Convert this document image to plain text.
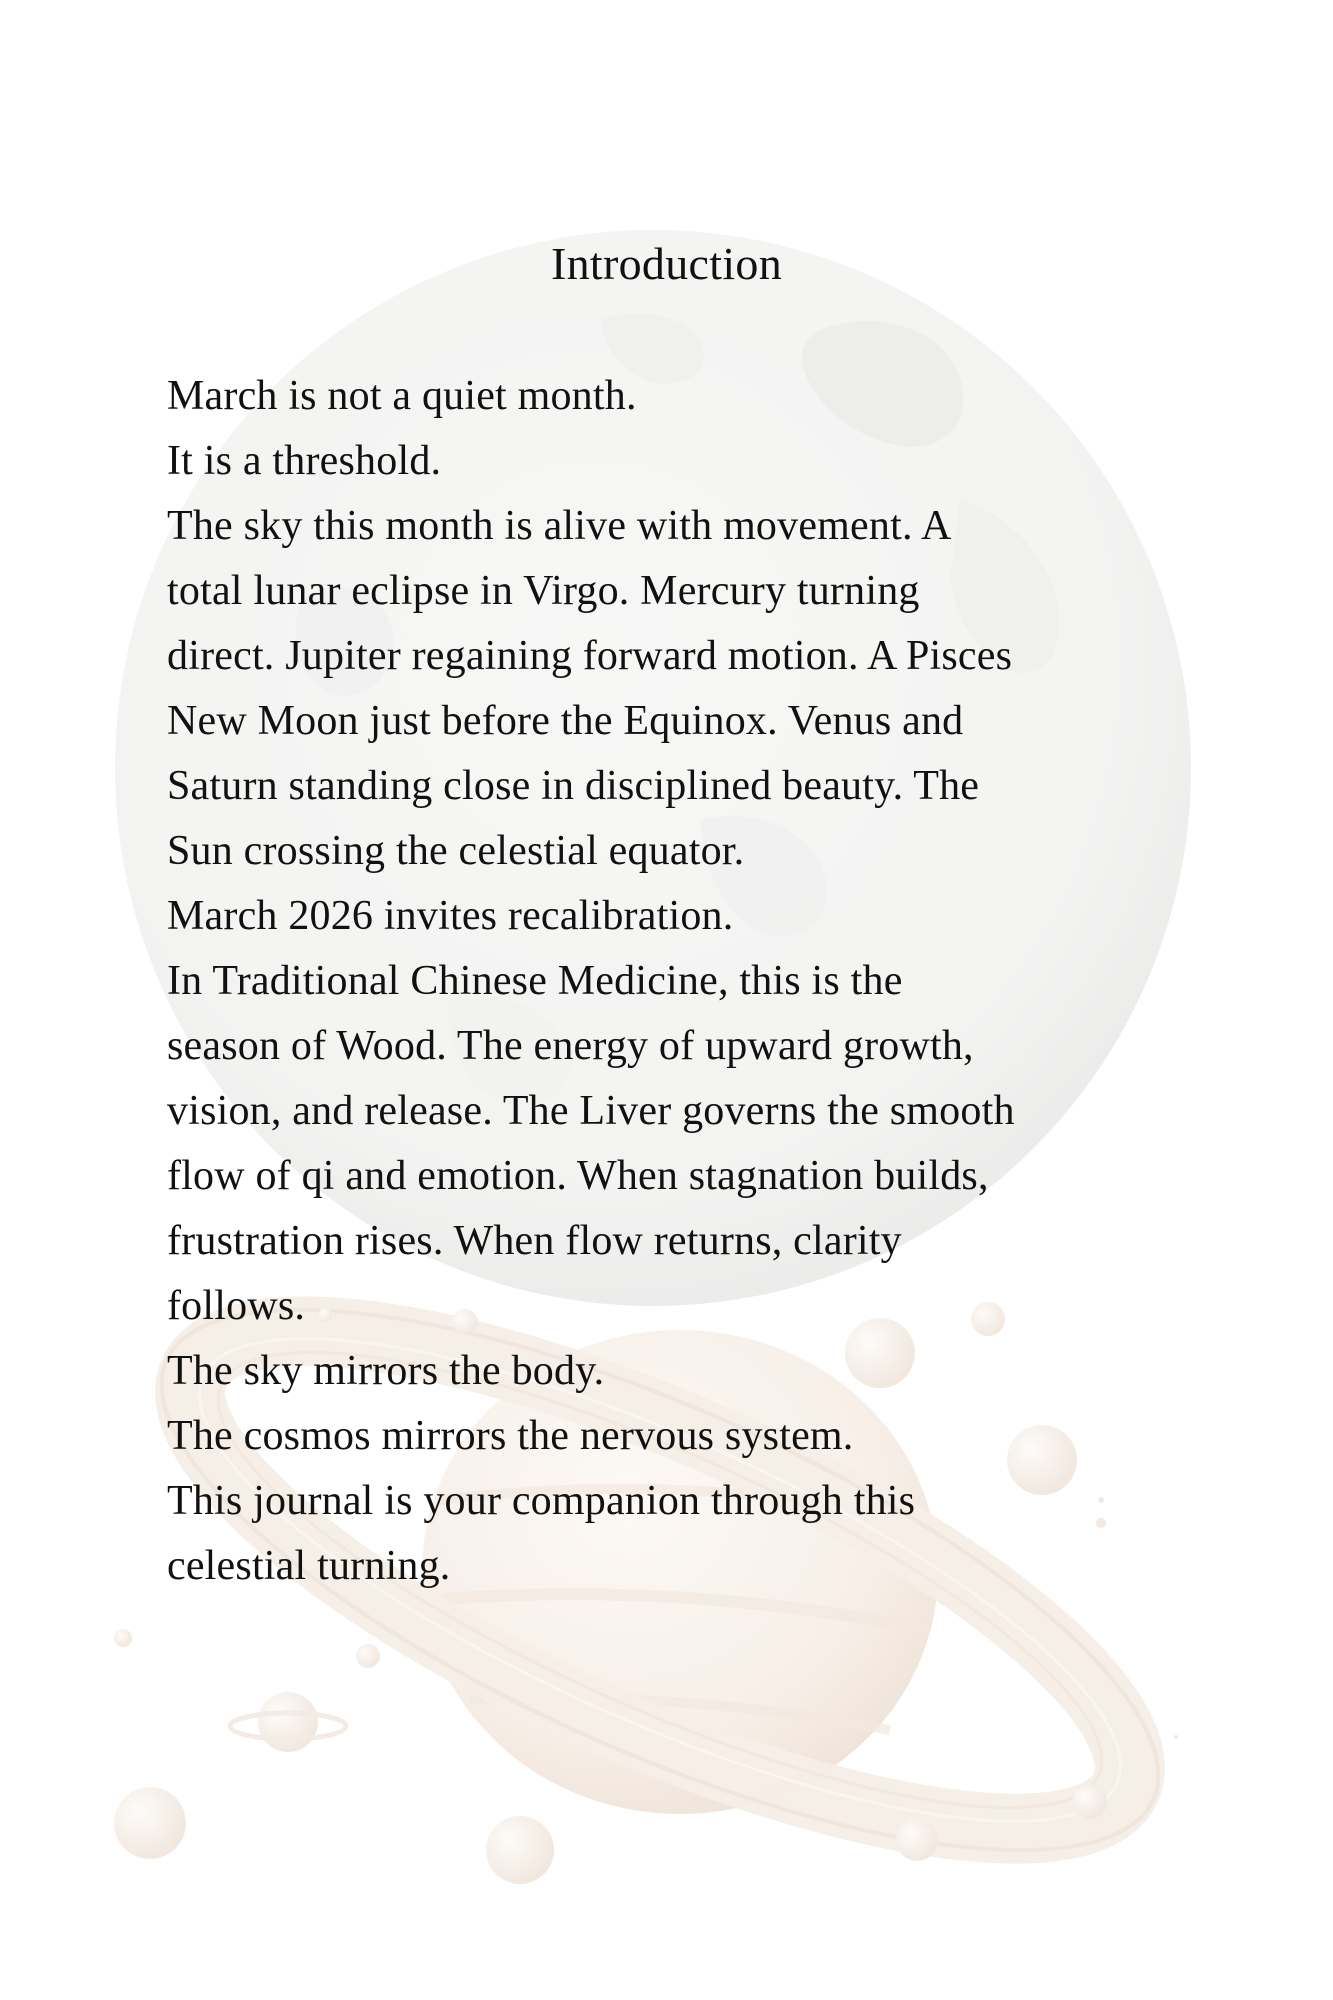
Introduction
March is not a quiet month.
It is a threshold.
The sky this month is alive with movement. A
total lunar eclipse in Virgo. Mercury turning
direct. Jupiter regaining forward motion. A Pisces
New Moon just before the Equinox. Venus and
Saturn standing close in disciplined beauty. The
Sun crossing the celestial equator.
March 2026 invites recalibration.
In Traditional Chinese Medicine, this is the
season of Wood. The energy of upward growth,
vision, and release. The Liver governs the smooth
flow of qi and emotion. When stagnation builds,
frustration rises. When flow returns, clarity
follows.
The sky mirrors the body.
The cosmos mirrors the nervous system.
This journal is your companion through this
celestial turning.
